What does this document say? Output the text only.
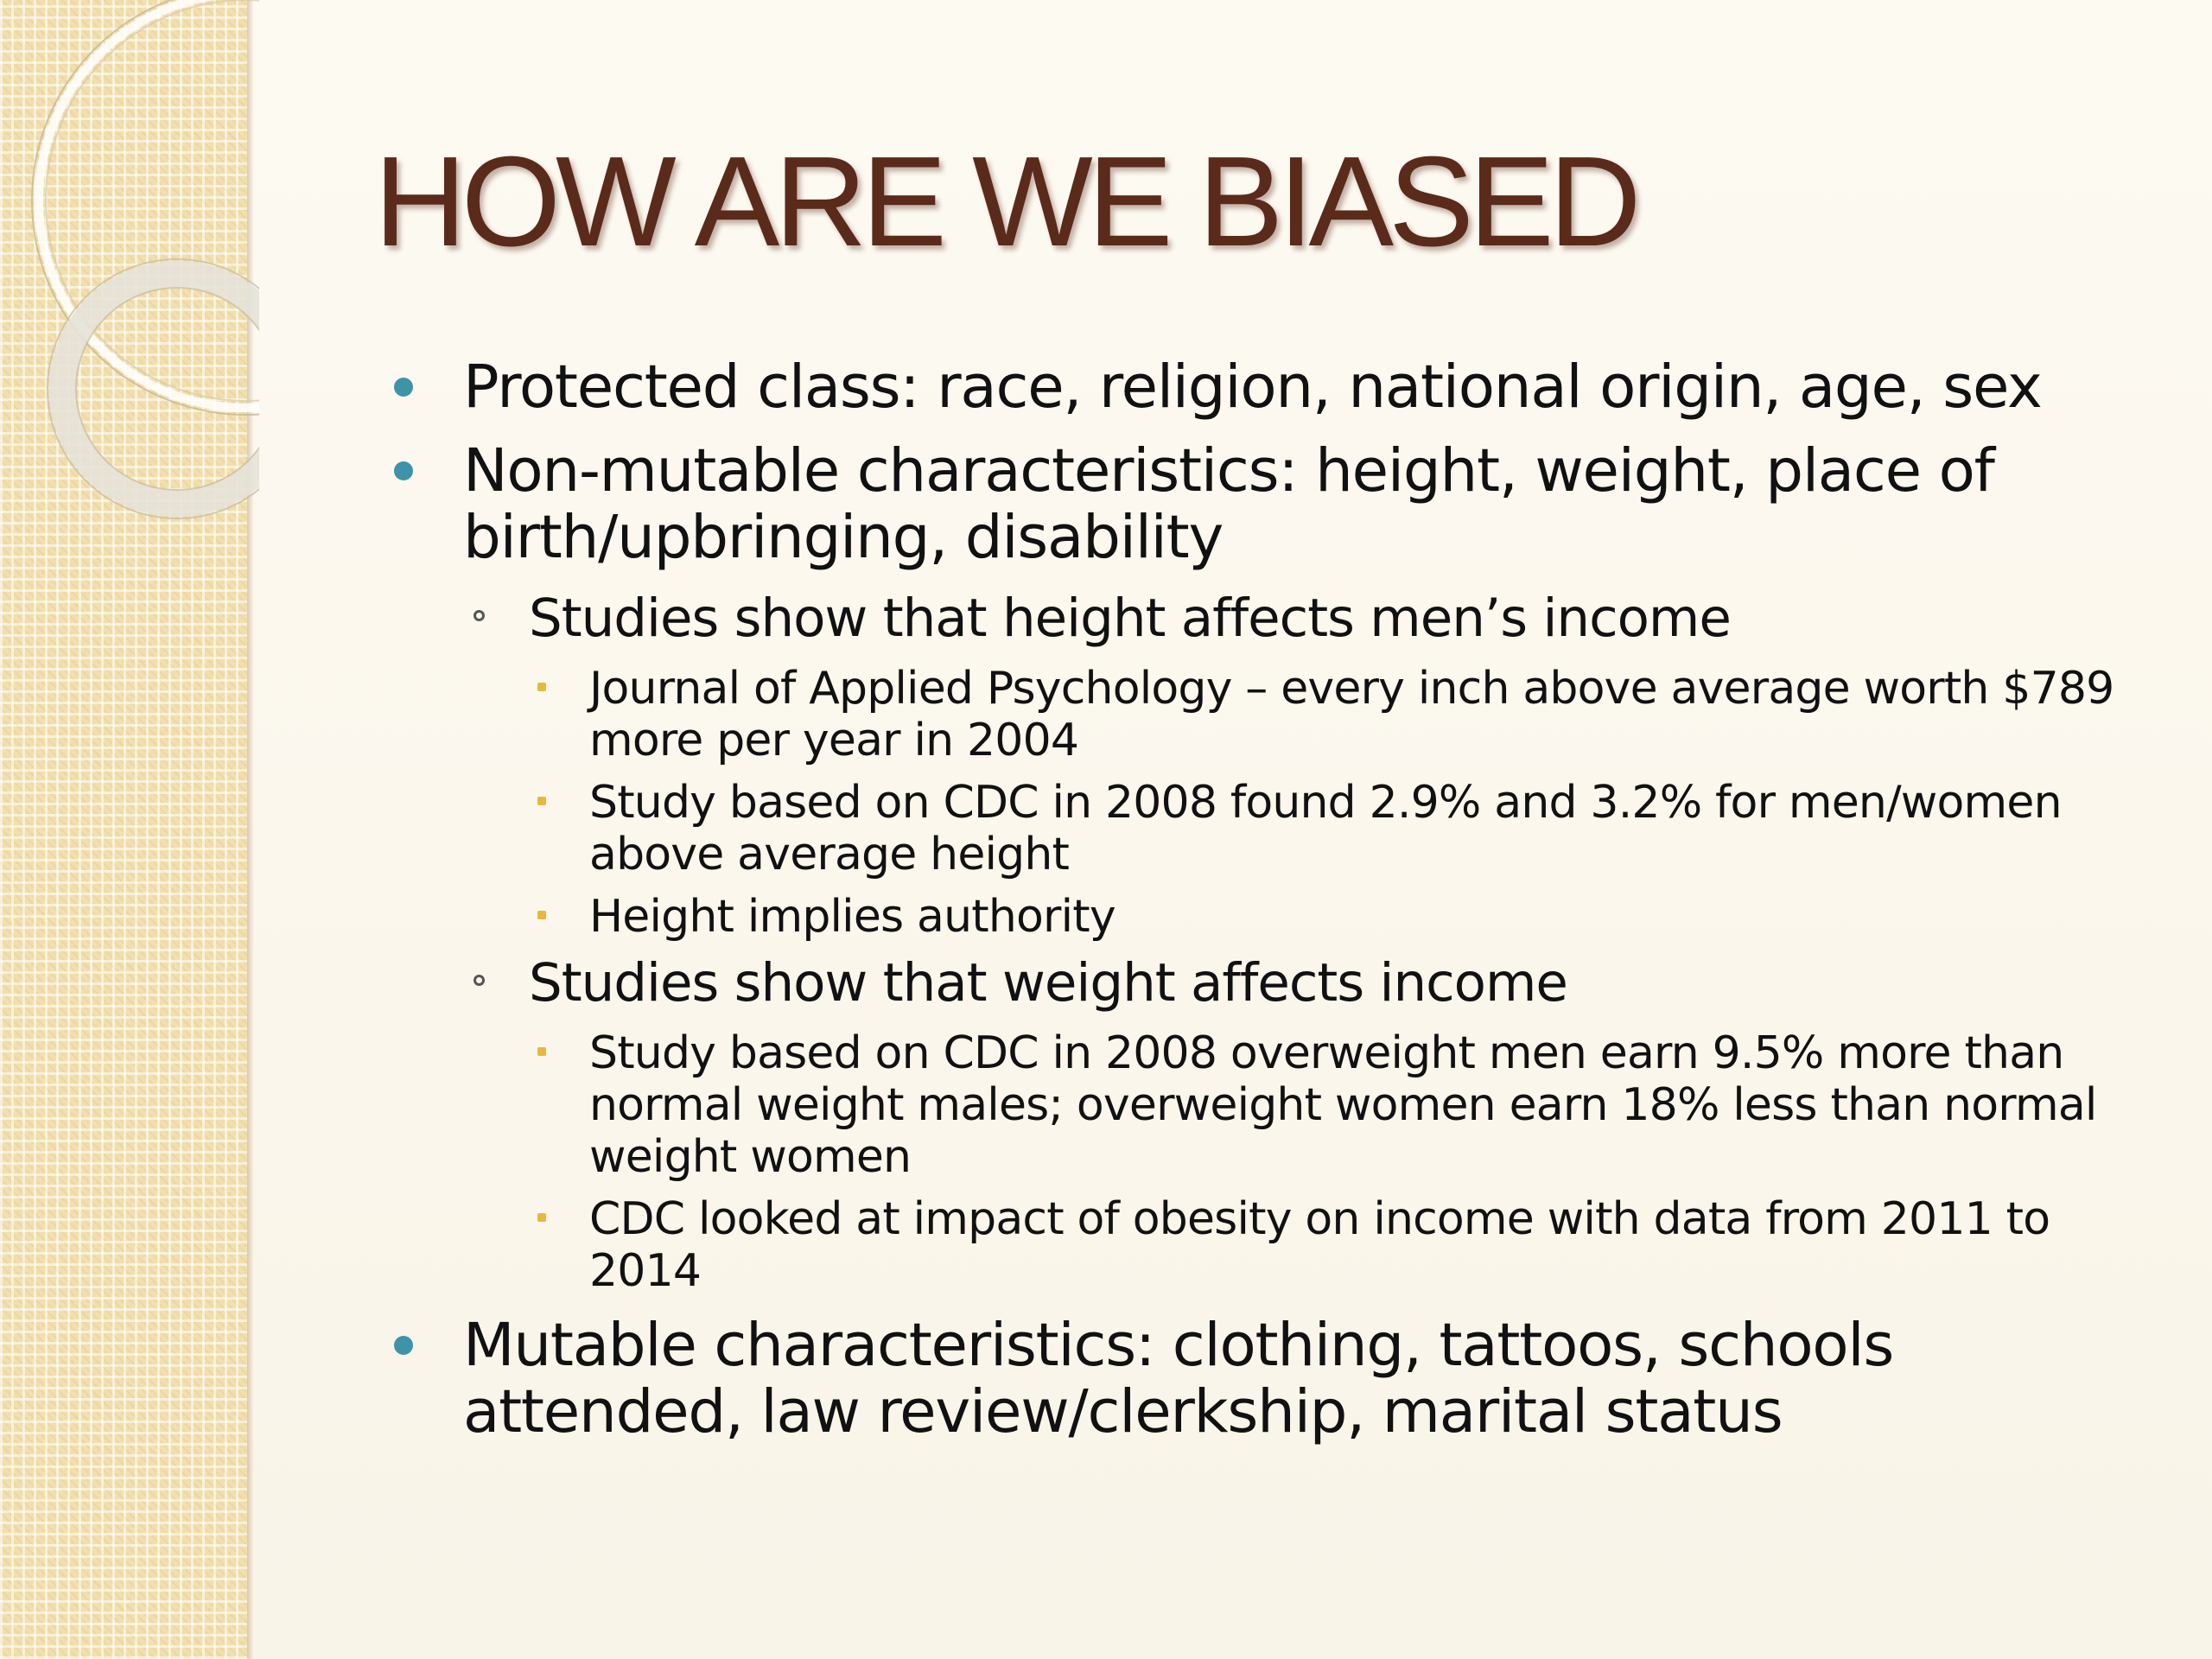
HOW ARE WE BIASED
Protected class: race, religion, national origin, age, sex
Non-mutable characteristics: height, weight, place of birth/upbringing, disability
Studies show that height affects men’s income
Journal of Applied Psychology – every inch above average worth $789 more per year in 2004
Study based on CDC in 2008 found 2.9% and 3.2% for men/women above average height
Height implies authority
Studies show that weight affects income
Study based on CDC in 2008 overweight men earn 9.5% more than normal weight males; overweight women earn 18% less than normal weight women
CDC looked at impact of obesity on income with data from 2011 to 2014
Mutable characteristics: clothing, tattoos, schools attended, law review/clerkship, marital status
